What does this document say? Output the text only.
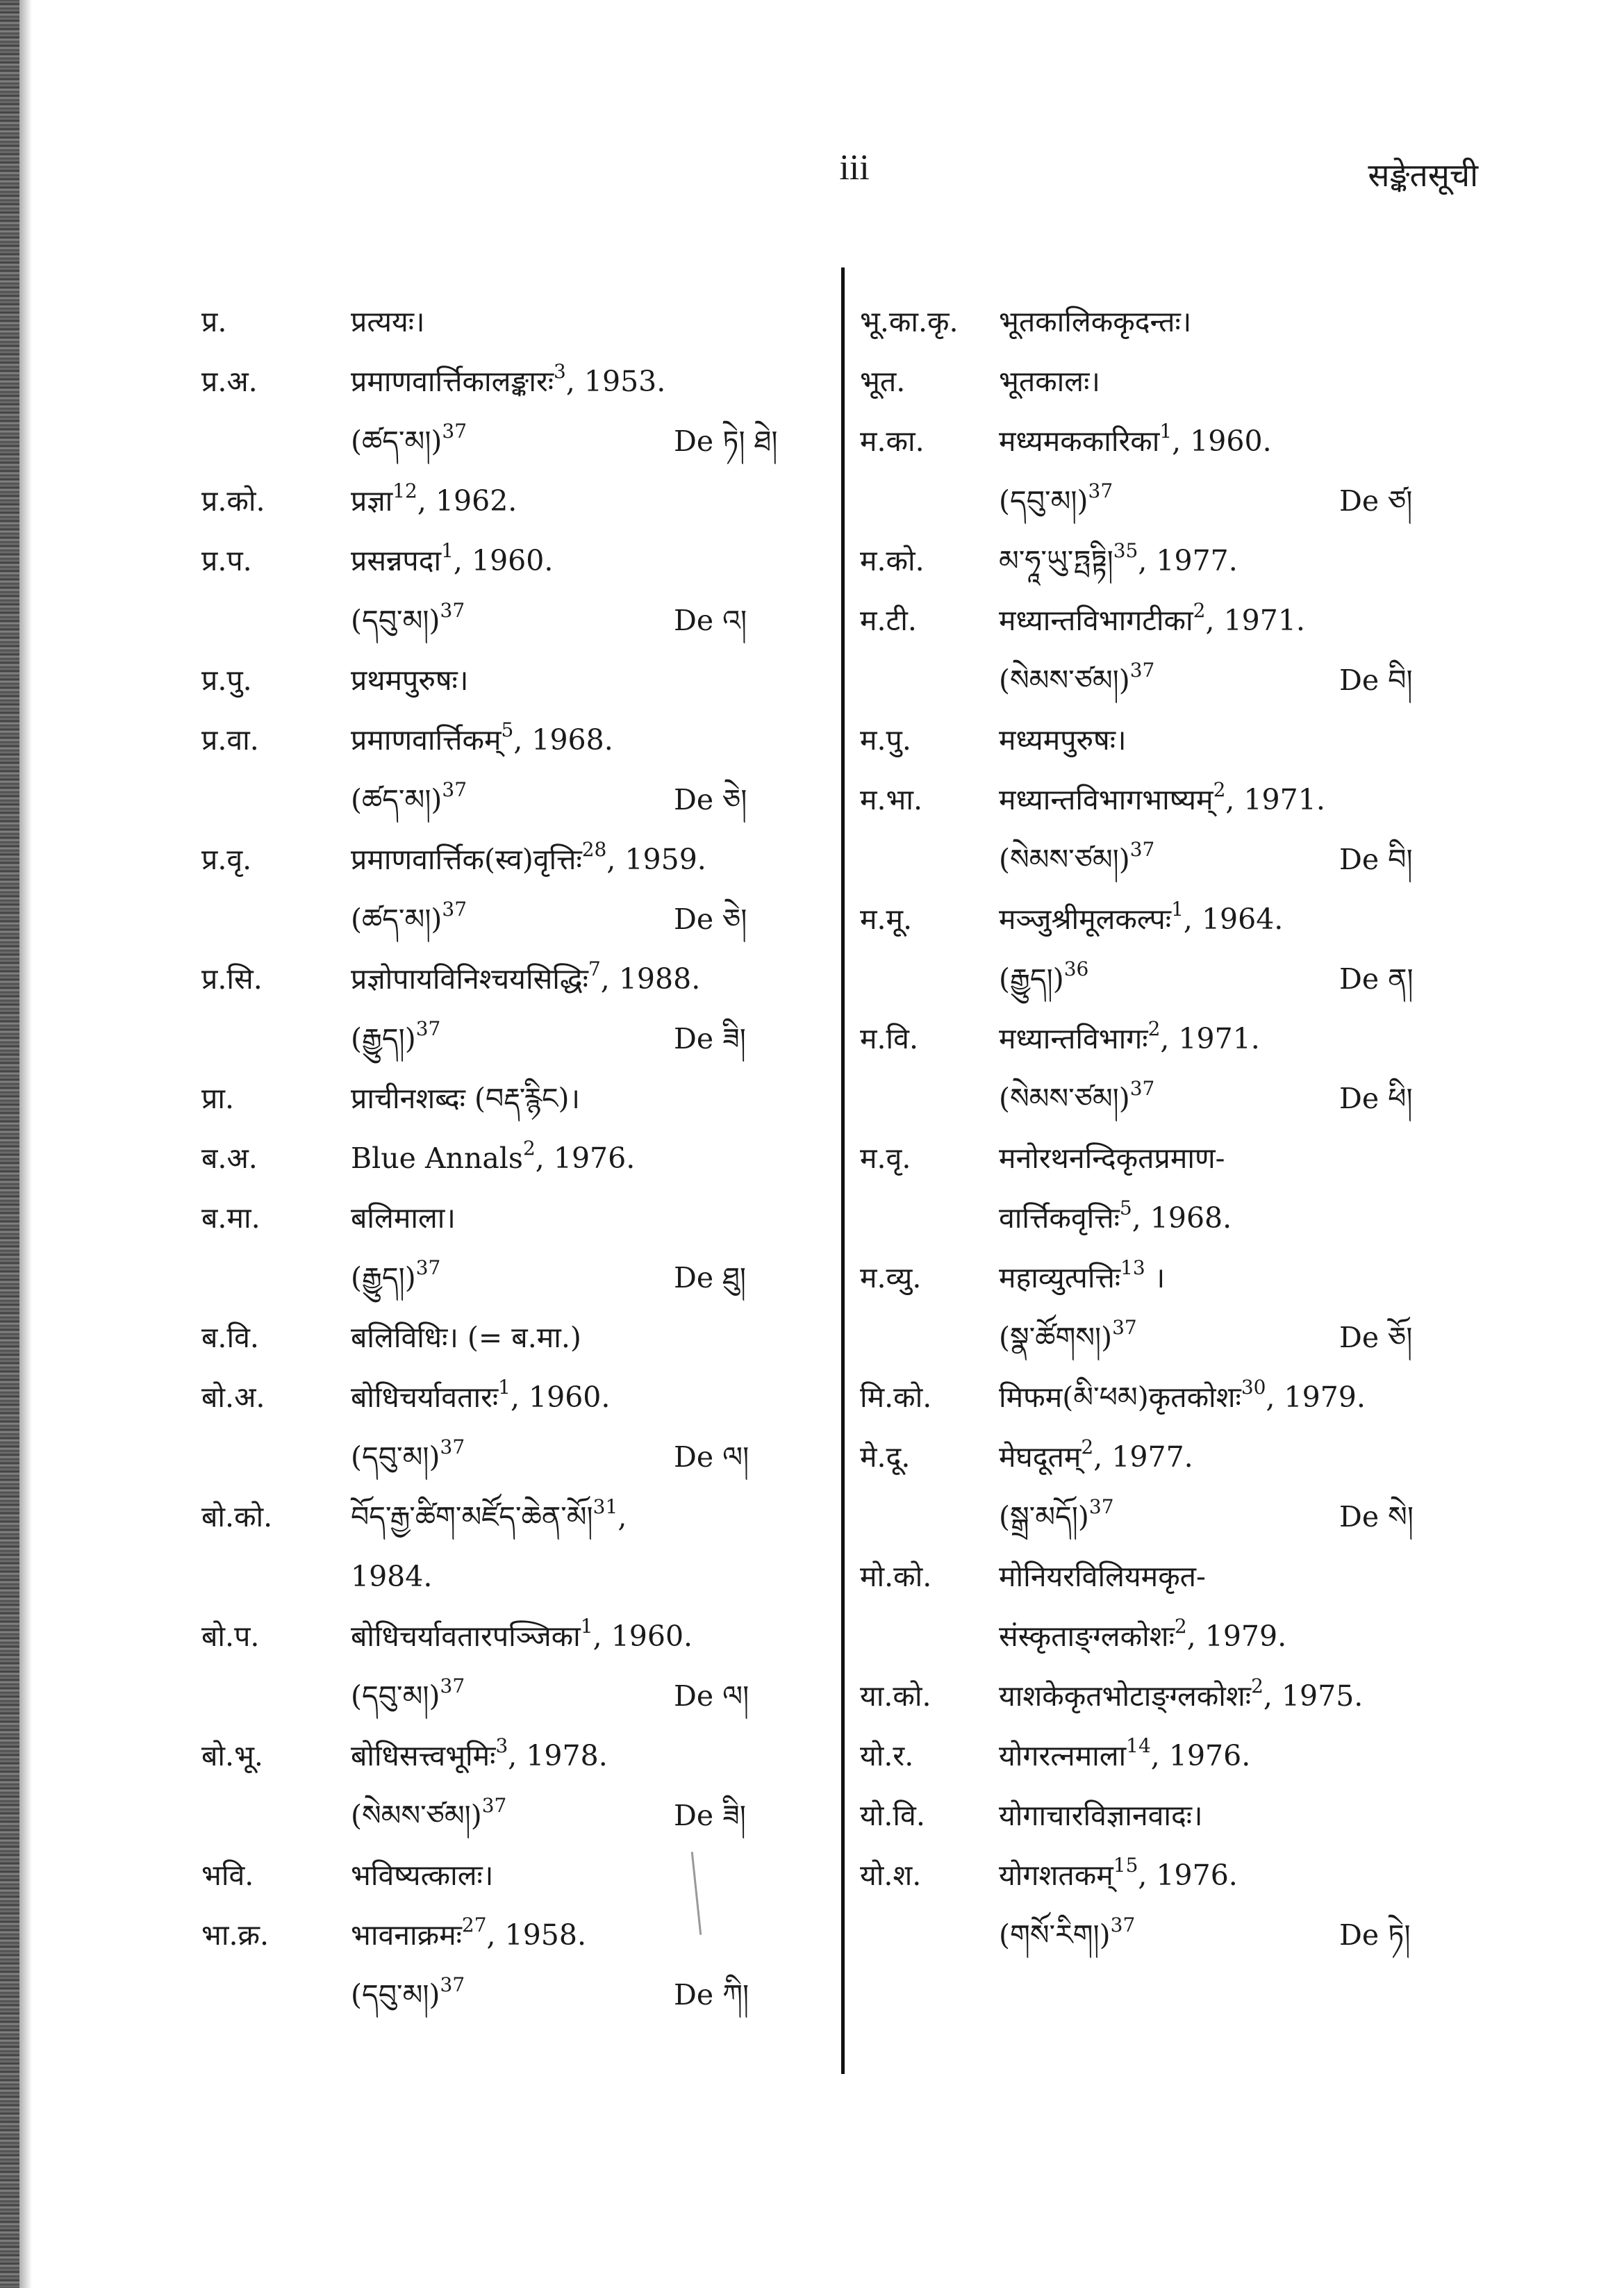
iii	सङ्केतसूची
प्र.	प्रत्ययः।
प्र.अ.	प्रमाणवार्त्तिकालङ्कारः$^3$, 1953.
(ཚད་མ།)$^{37}$	De ཏེ། ཐེ།
प्र.को.	प्रज्ञा$^{12}$, 1962.
प्र.प.	प्रसन्नपदा$^1$, 1960.
(དབུ་མ།)$^{37}$	De འ།
प्र.पु.	प्रथमपुरुषः।
प्र.वा.	प्रमाणवार्त्तिकम्$^5$, 1968.
(ཚད་མ།)$^{37}$	De ཅེ།
प्र.वृ.	प्रमाणवार्त्तिक(स्व)वृत्तिः$^{28}$, 1959.
(ཚད་མ།)$^{37}$	De ཅེ།
प्र.सि.	प्रज्ञोपायविनिश्चयसिद्धिः$^7$, 1988.
(རྒྱུད།)$^{37}$	De ཟི།
प्रा.	प्राचीनशब्दः (བརྡ་རྙིང)।
ब.अ.	Blue Annals$^2$, 1976.
ब.मा.	बलिमाला।
(རྒྱུད།)$^{37}$	De ཐུ།
ब.वि.	बलिविधिः। (= ब.मा.)
बो.अ.	बोधिचर्यावतारः$^1$, 1960.
(དབུ་མ།)$^{37}$	De ལ།
बो.को.	བོད་རྒྱ་ཚིག་མཛོད་ཆེན་མོ།$^{31}$,
1984.
बो.प.	बोधिचर्यावतारपञ्जिका$^1$, 1960.
(དབུ་མ།)$^{37}$	De ལ།
बो.भू.	बोधिसत्त्वभूमिः$^3$, 1978.
(སེམས་ཙམ།)$^{37}$	De ཟི།
भवि.	भविष्यत्कालः।
भा.क्र.	भावनाक्रमः$^{27}$, 1958.
(དབུ་མ།)$^{37}$	De ཀི།
भू.का.कृ. भूतकालिककृदन्तः।
भूत.	भूतकालः।
म.का.	मध्यमककारिका$^1$, 1960.
(དབུ་མ།)$^{37}$	De ཙ།
म.को.	མ་ཧཱ་ཡུ་ཏྤཏྟི།$^{35}$, 1977.
म.टी.	मध्यान्तविभागटीका$^2$, 1971.
(སེམས་ཙམ།)$^{37}$	De བི།
म.पु.	मध्यमपुरुषः।
म.भा.	मध्यान्तविभागभाष्यम्$^2$, 1971.
(སེམས་ཙམ།)$^{37}$	De བི།
म.मू.	मञ्जुश्रीमूलकल्पः$^1$, 1964.
(རྒྱུད།)$^{36}$	De ན།
म.वि.	मध्यान्तविभागः$^2$, 1971.
(སེམས་ཙམ།)$^{37}$	De ཕི།
म.वृ.	मनोरथनन्दिकृतप्रमाण-
वार्त्तिकवृत्तिः$^5$, 1968.
म.व्यु.	महाव्युत्पत्तिः$^{13}$ ।
(སྣ་ཚོགས།)$^{37}$	De ཅོ།
मि.को. मिफम(མི་ཕམ)कृतकोशः$^{30}$, 1979.
मे.दू.	मेघदूतम्$^2$, 1977.
(སྒྲ་མདོ།)$^{37}$	De སེ།
मो.को. मोनियरविलियमकृत-
संस्कृताङ्ग्लकोशः$^2$, 1979.
या.को. याशकेकृतभोटाङ्ग्लकोशः$^2$, 1975.
यो.र.	योगरत्नमाला$^{14}$, 1976.
यो.वि.	योगाचारविज्ञानवादः।
यो.श.	योगशतकम्$^{15}$, 1976.
(གསོ་རིག།)$^{37}$	De ཏེ།
